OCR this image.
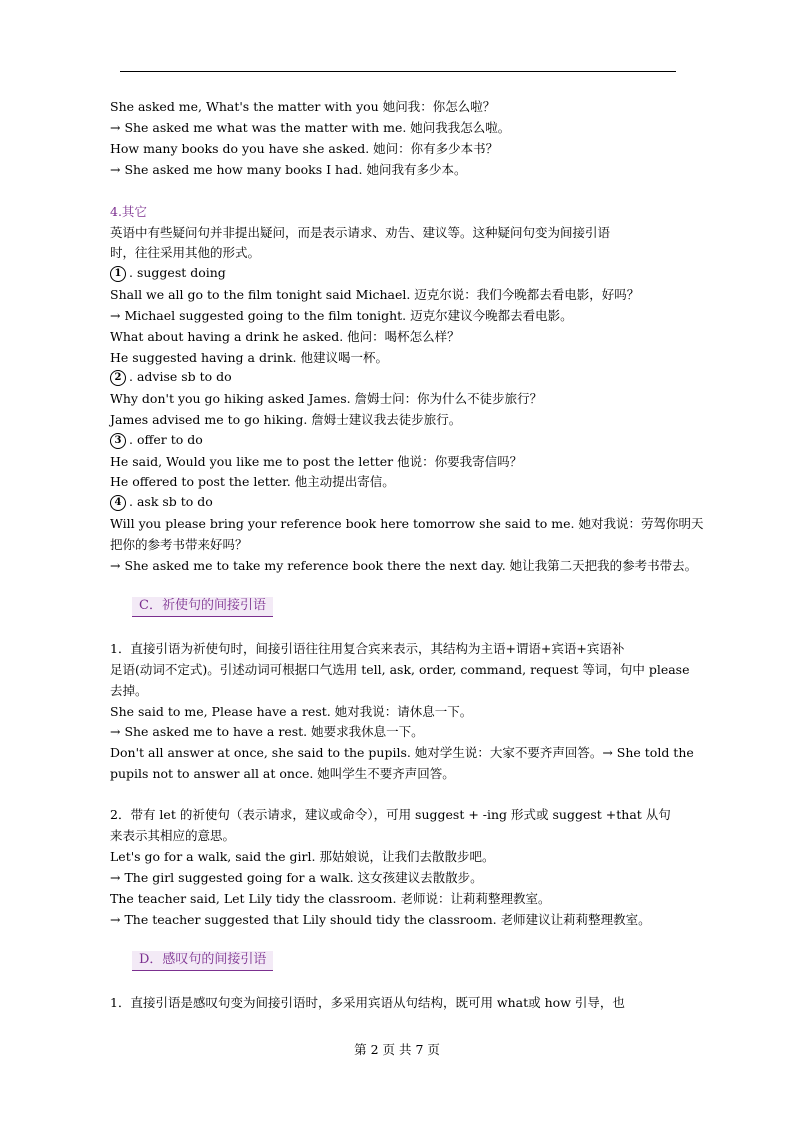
She asked me, What's the matter with you 她问我：你怎么啦？
→ She asked me what was the matter with me. 她问我我怎么啦。
How many books do you have she asked. 她问：你有多少本书？
→ She asked me how many books I had. 她问我有多少本。
4.其它
英语中有些疑问句并非提出疑问，而是表示请求、劝告、建议等。这种疑问句变为间接引语
时，往往采用其他的形式。
1 . suggest doing
Shall we all go to the film tonight said Michael. 迈克尔说：我们今晚都去看电影，好吗？
→ Michael suggested going to the film tonight. 迈克尔建议今晚都去看电影。
What about having a drink he asked. 他问：喝杯怎么样？
He suggested having a drink. 他建议喝一杯。
2 . advise sb to do
Why don't you go hiking asked James. 詹姆士问：你为什么不徒步旅行？
James advised me to go hiking. 詹姆士建议我去徒步旅行。
3 . offer to do
He said, Would you like me to post the letter 他说：你要我寄信吗？
He offered to post the letter. 他主动提出寄信。
4 . ask sb to do
Will you please bring your reference book here tomorrow she said to me. 她对我说：劳驾你明天
把你的参考书带来好吗？
→ She asked me to take my reference book there the next day. 她让我第二天把我的参考书带去。
C．祈使句的间接引语
1．直接引语为祈使句时，间接引语往往用复合宾来表示，其结构为主语+谓语+宾语+宾语补
足语(动词不定式)。引述动词可根据口气选用 tell, ask, order, command, request 等词，句中 please
去掉。
She said to me, Please have a rest. 她对我说：请休息一下。
→ She asked me to have a rest. 她要求我休息一下。
Don't all answer at once, she said to the pupils. 她对学生说：大家不要齐声回答。→ She told the
pupils not to answer all at once. 她叫学生不要齐声回答。
2．带有 let 的祈使句（表示请求，建议或命令），可用 suggest + -ing 形式或 suggest +that 从句
来表示其相应的意思。
Let's go for a walk, said the girl. 那姑娘说，让我们去散散步吧。
→ The girl suggested going for a walk. 这女孩建议去散散步。
The teacher said, Let Lily tidy the classroom. 老师说：让莉莉整理教室。
→ The teacher suggested that Lily should tidy the classroom. 老师建议让莉莉整理教室。
D．感叹句的间接引语
1．直接引语是感叹句变为间接引语时，多采用宾语从句结构，既可用 what或 how 引导，也
第 2 页 共 7 页
